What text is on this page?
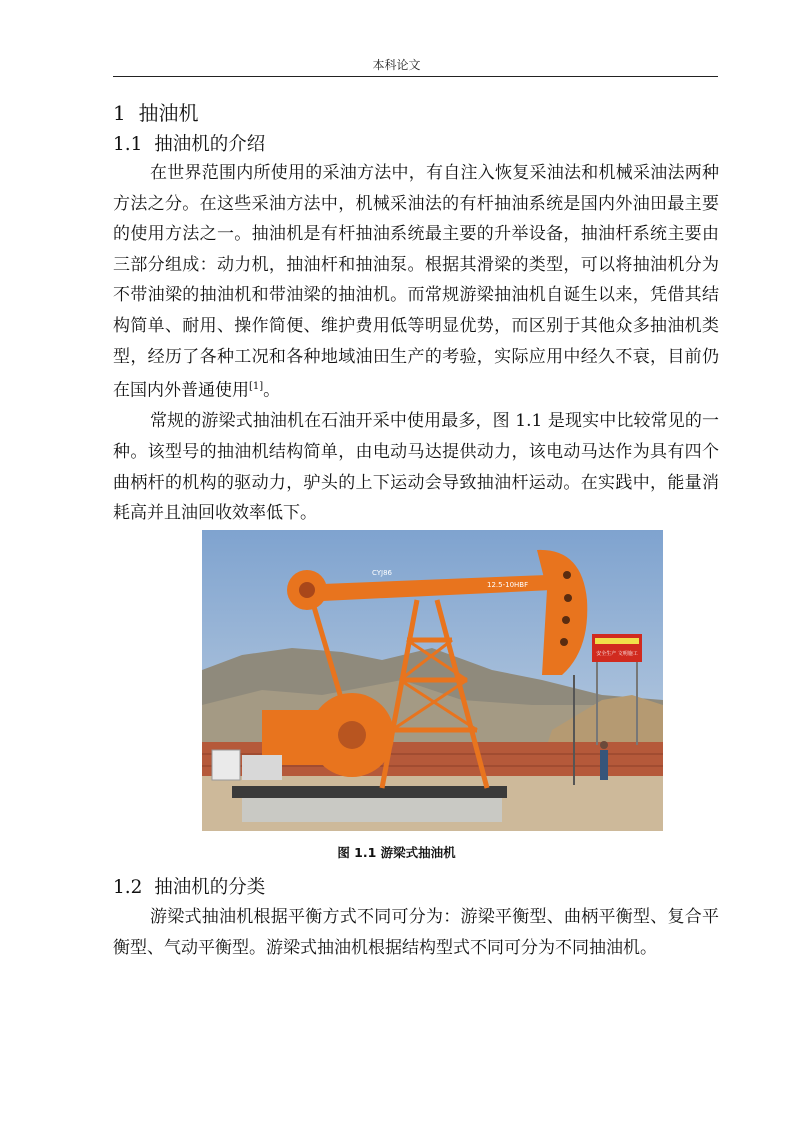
本科论文
1 抽油机
1.1 抽油机的介绍
在世界范围内所使用的采油方法中，有自注入恢复采油法和机械采油法两种方法之分。在这些采油方法中，机械采油法的有杆抽油系统是国内外油田最主要的使用方法之一。抽油机是有杆抽油系统最主要的升举设备，抽油杆系统主要由三部分组成：动力机，抽油杆和抽油泵。根据其滑梁的类型，可以将抽油机分为不带油梁的抽油机和带油梁的抽油机。而常规游梁抽油机自诞生以来，凭借其结构简单、耐用、操作简便、维护费用低等明显优势，而区别于其他众多抽油机类型，经历了各种工况和各种地域油田生产的考验，实际应用中经久不衰，目前仍在国内外普通使用[1]。
常规的游梁式抽油机在石油开采中使用最多，图 1.1 是现实中比较常见的一种。该型号的抽油机结构简单，由电动马达提供动力，该电动马达作为具有四个曲柄杆的机构的驱动力，驴头的上下运动会导致抽油杆运动。在实践中，能量消耗高并且油回收效率低下。
安全生产 文明施工
CYJ86
12.5-10HBF
图 1.1 游梁式抽油机
1.2 抽油机的分类
游梁式抽油机根据平衡方式不同可分为：游梁平衡型、曲柄平衡型、复合平衡型、气动平衡型。游梁式抽油机根据结构型式不同可分为不同抽油机。
